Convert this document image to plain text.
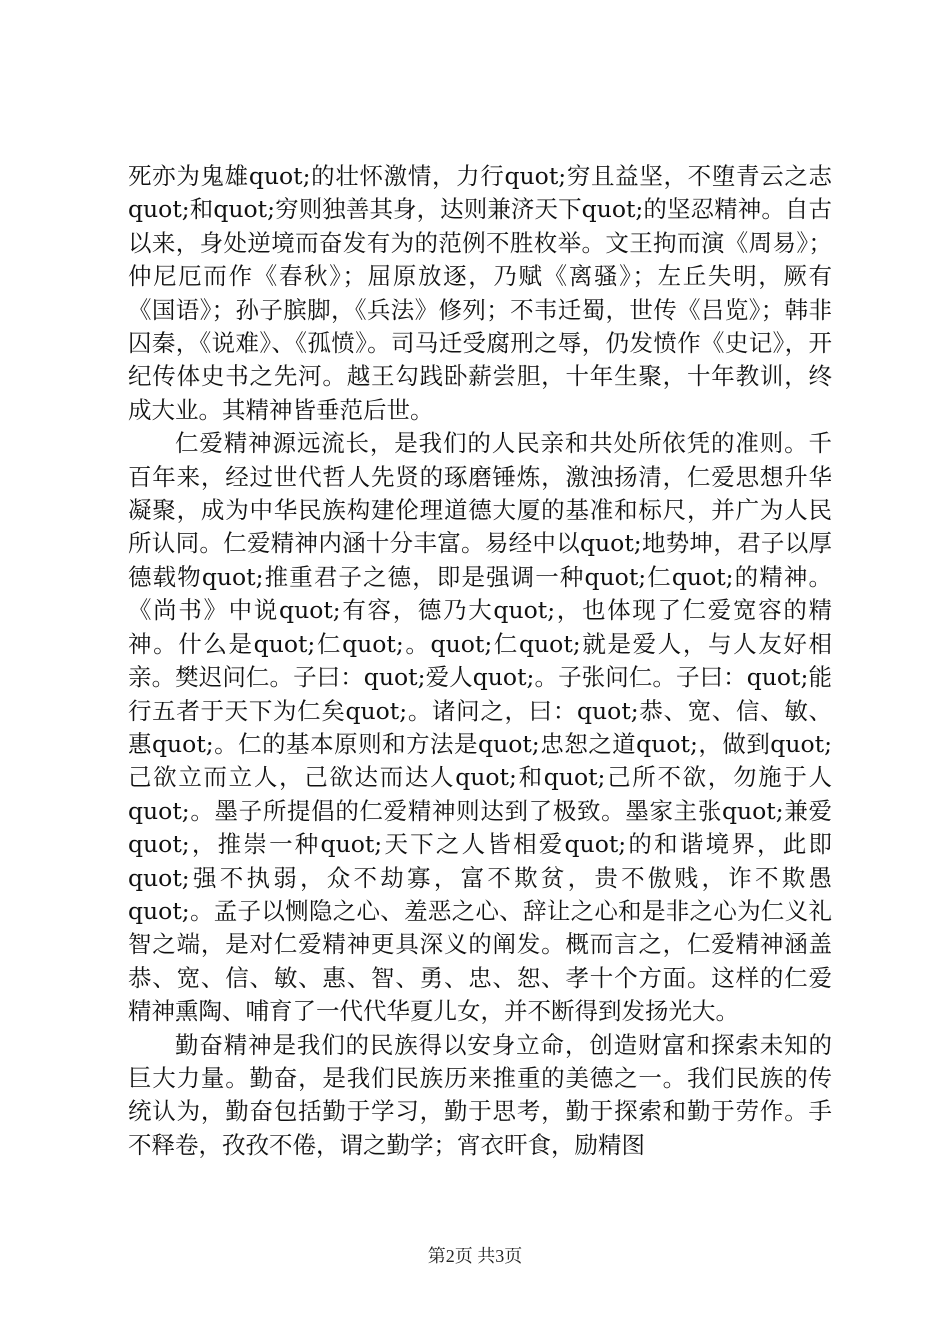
死亦为鬼雄quot;的壮怀激情，力行quot;穷且益坚，不堕青云之志quot;和quot;穷则独善其身，达则兼济天下quot;的坚忍精神。自古以来，身处逆境而奋发有为的范例不胜枚举。文王拘而演《周易》；仲尼厄而作《春秋》；屈原放逐，乃赋《离骚》；左丘失明，厥有《国语》；孙子膑脚，《兵法》修列；不韦迁蜀，世传《吕览》；韩非囚秦，《说难》、《孤愤》。司马迁受腐刑之辱，仍发愤作《史记》，开纪传体史书之先河。越王勾践卧薪尝胆，十年生聚，十年教训，终成大业。其精神皆垂范后世。

仁爱精神源远流长，是我们的人民亲和共处所依凭的准则。千百年来，经过世代哲人先贤的琢磨锤炼，激浊扬清，仁爱思想升华凝聚，成为中华民族构建伦理道德大厦的基准和标尺，并广为人民所认同。仁爱精神内涵十分丰富。易经中以quot;地势坤，君子以厚德载物quot;推重君子之德，即是强调一种quot;仁quot;的精神。《尚书》中说quot;有容，德乃大quot;，也体现了仁爱宽容的精神。什么是quot;仁quot;。quot;仁quot;就是爱人，与人友好相亲。樊迟问仁。子曰：quot;爱人quot;。子张问仁。子曰：quot;能行五者于天下为仁矣quot;。诸问之，曰：quot;恭、宽、信、敏、惠quot;。仁的基本原则和方法是quot;忠恕之道quot;，做到quot;己欲立而立人，己欲达而达人quot;和quot;己所不欲，勿施于人quot;。墨子所提倡的仁爱精神则达到了极致。墨家主张quot;兼爱quot;，推崇一种quot;天下之人皆相爱quot;的和谐境界，此即quot;强不执弱，众不劫寡，富不欺贫，贵不傲贱，诈不欺愚quot;。孟子以恻隐之心、羞恶之心、辞让之心和是非之心为仁义礼智之端，是对仁爱精神更具深义的阐发。概而言之，仁爱精神涵盖恭、宽、信、敏、惠、智、勇、忠、恕、孝十个方面。这样的仁爱精神熏陶、哺育了一代代华夏儿女，并不断得到发扬光大。

勤奋精神是我们的民族得以安身立命，创造财富和探索未知的巨大力量。勤奋，是我们民族历来推重的美德之一。我们民族的传统认为，勤奋包括勤于学习，勤于思考，勤于探索和勤于劳作。手不释卷，孜孜不倦，谓之勤学；宵衣旰食，励精图

第2页 共3页
